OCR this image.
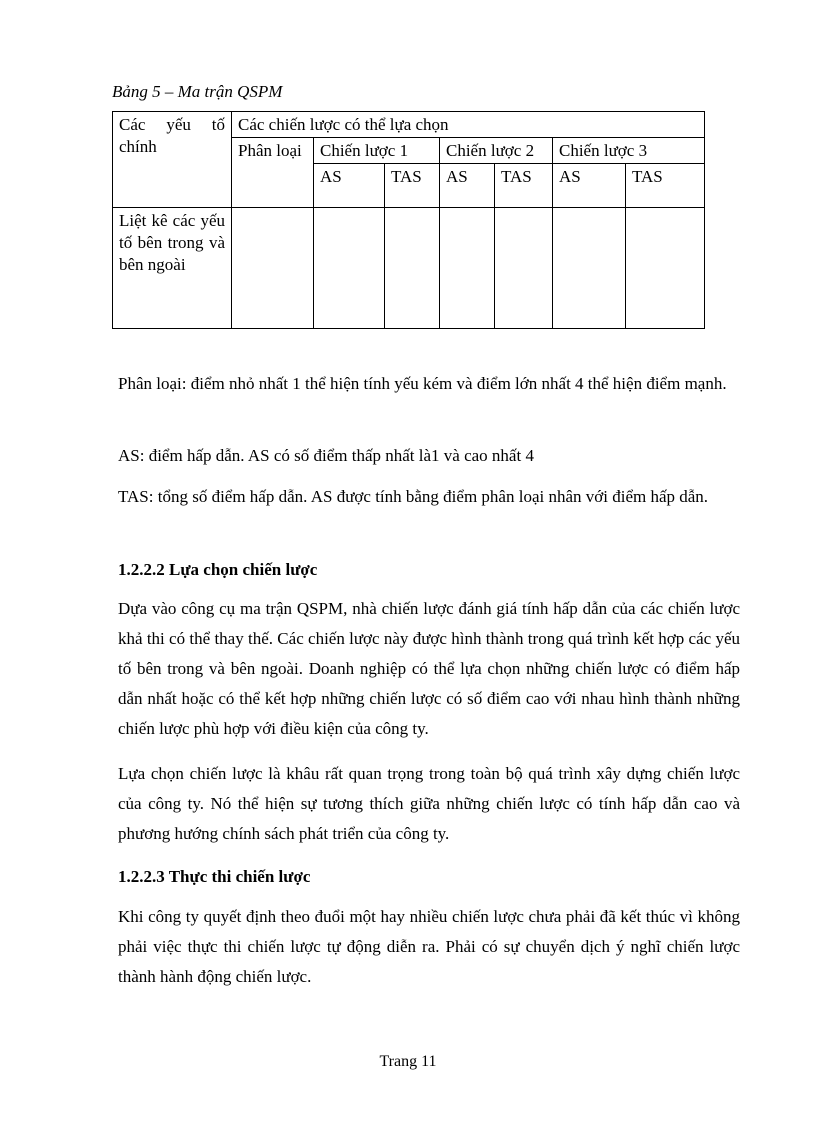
Bảng 5 – Ma trận QSPM
Các yếu tố chính	Các chiến lược có thể lựa chọn						
	Phân loại	Chiến lược 1		Chiến lược 2		Chiến lược 3	
		AS	TAS	AS	TAS	AS	TAS
Liệt kê các yếu tố bên trong và bên ngoài							

Phân loại: điểm nhỏ nhất 1 thể hiện tính yếu kém và điểm lớn nhất 4 thể hiện điểm mạnh.

AS: điểm hấp dẫn. AS có số điểm thấp nhất là1 và cao nhất 4

TAS: tổng số điểm hấp dẫn. AS được tính bằng điểm phân loại nhân với điểm hấp dẫn.

1.2.2.2 Lựa chọn chiến lược

Dựa vào công cụ ma trận QSPM, nhà chiến lược đánh giá tính hấp dẫn của các chiến lược khả thi có thể thay thế. Các chiến lược này được hình thành trong quá trình kết hợp các yếu tố bên trong và bên ngoài. Doanh nghiệp có thể lựa chọn những chiến lược có điểm hấp dẫn nhất hoặc có thể kết hợp những chiến lược có số điểm cao với nhau hình thành những chiến lược phù hợp với điều kiện của công ty.

Lựa chọn chiến lược là khâu rất quan trọng trong toàn bộ quá trình xây dựng chiến lược của công ty. Nó thể hiện sự tương thích giữa những chiến lược có tính hấp dẫn cao và phương hướng chính sách phát triển của công ty.

1.2.2.3 Thực thi chiến lược

Khi công ty quyết định theo đuổi một hay nhiều chiến lược chưa phải đã kết thúc vì không phải việc thực thi chiến lược tự động diễn ra. Phải có sự chuyển dịch ý nghĩ chiến lược thành hành động chiến lược.

Trang 11
